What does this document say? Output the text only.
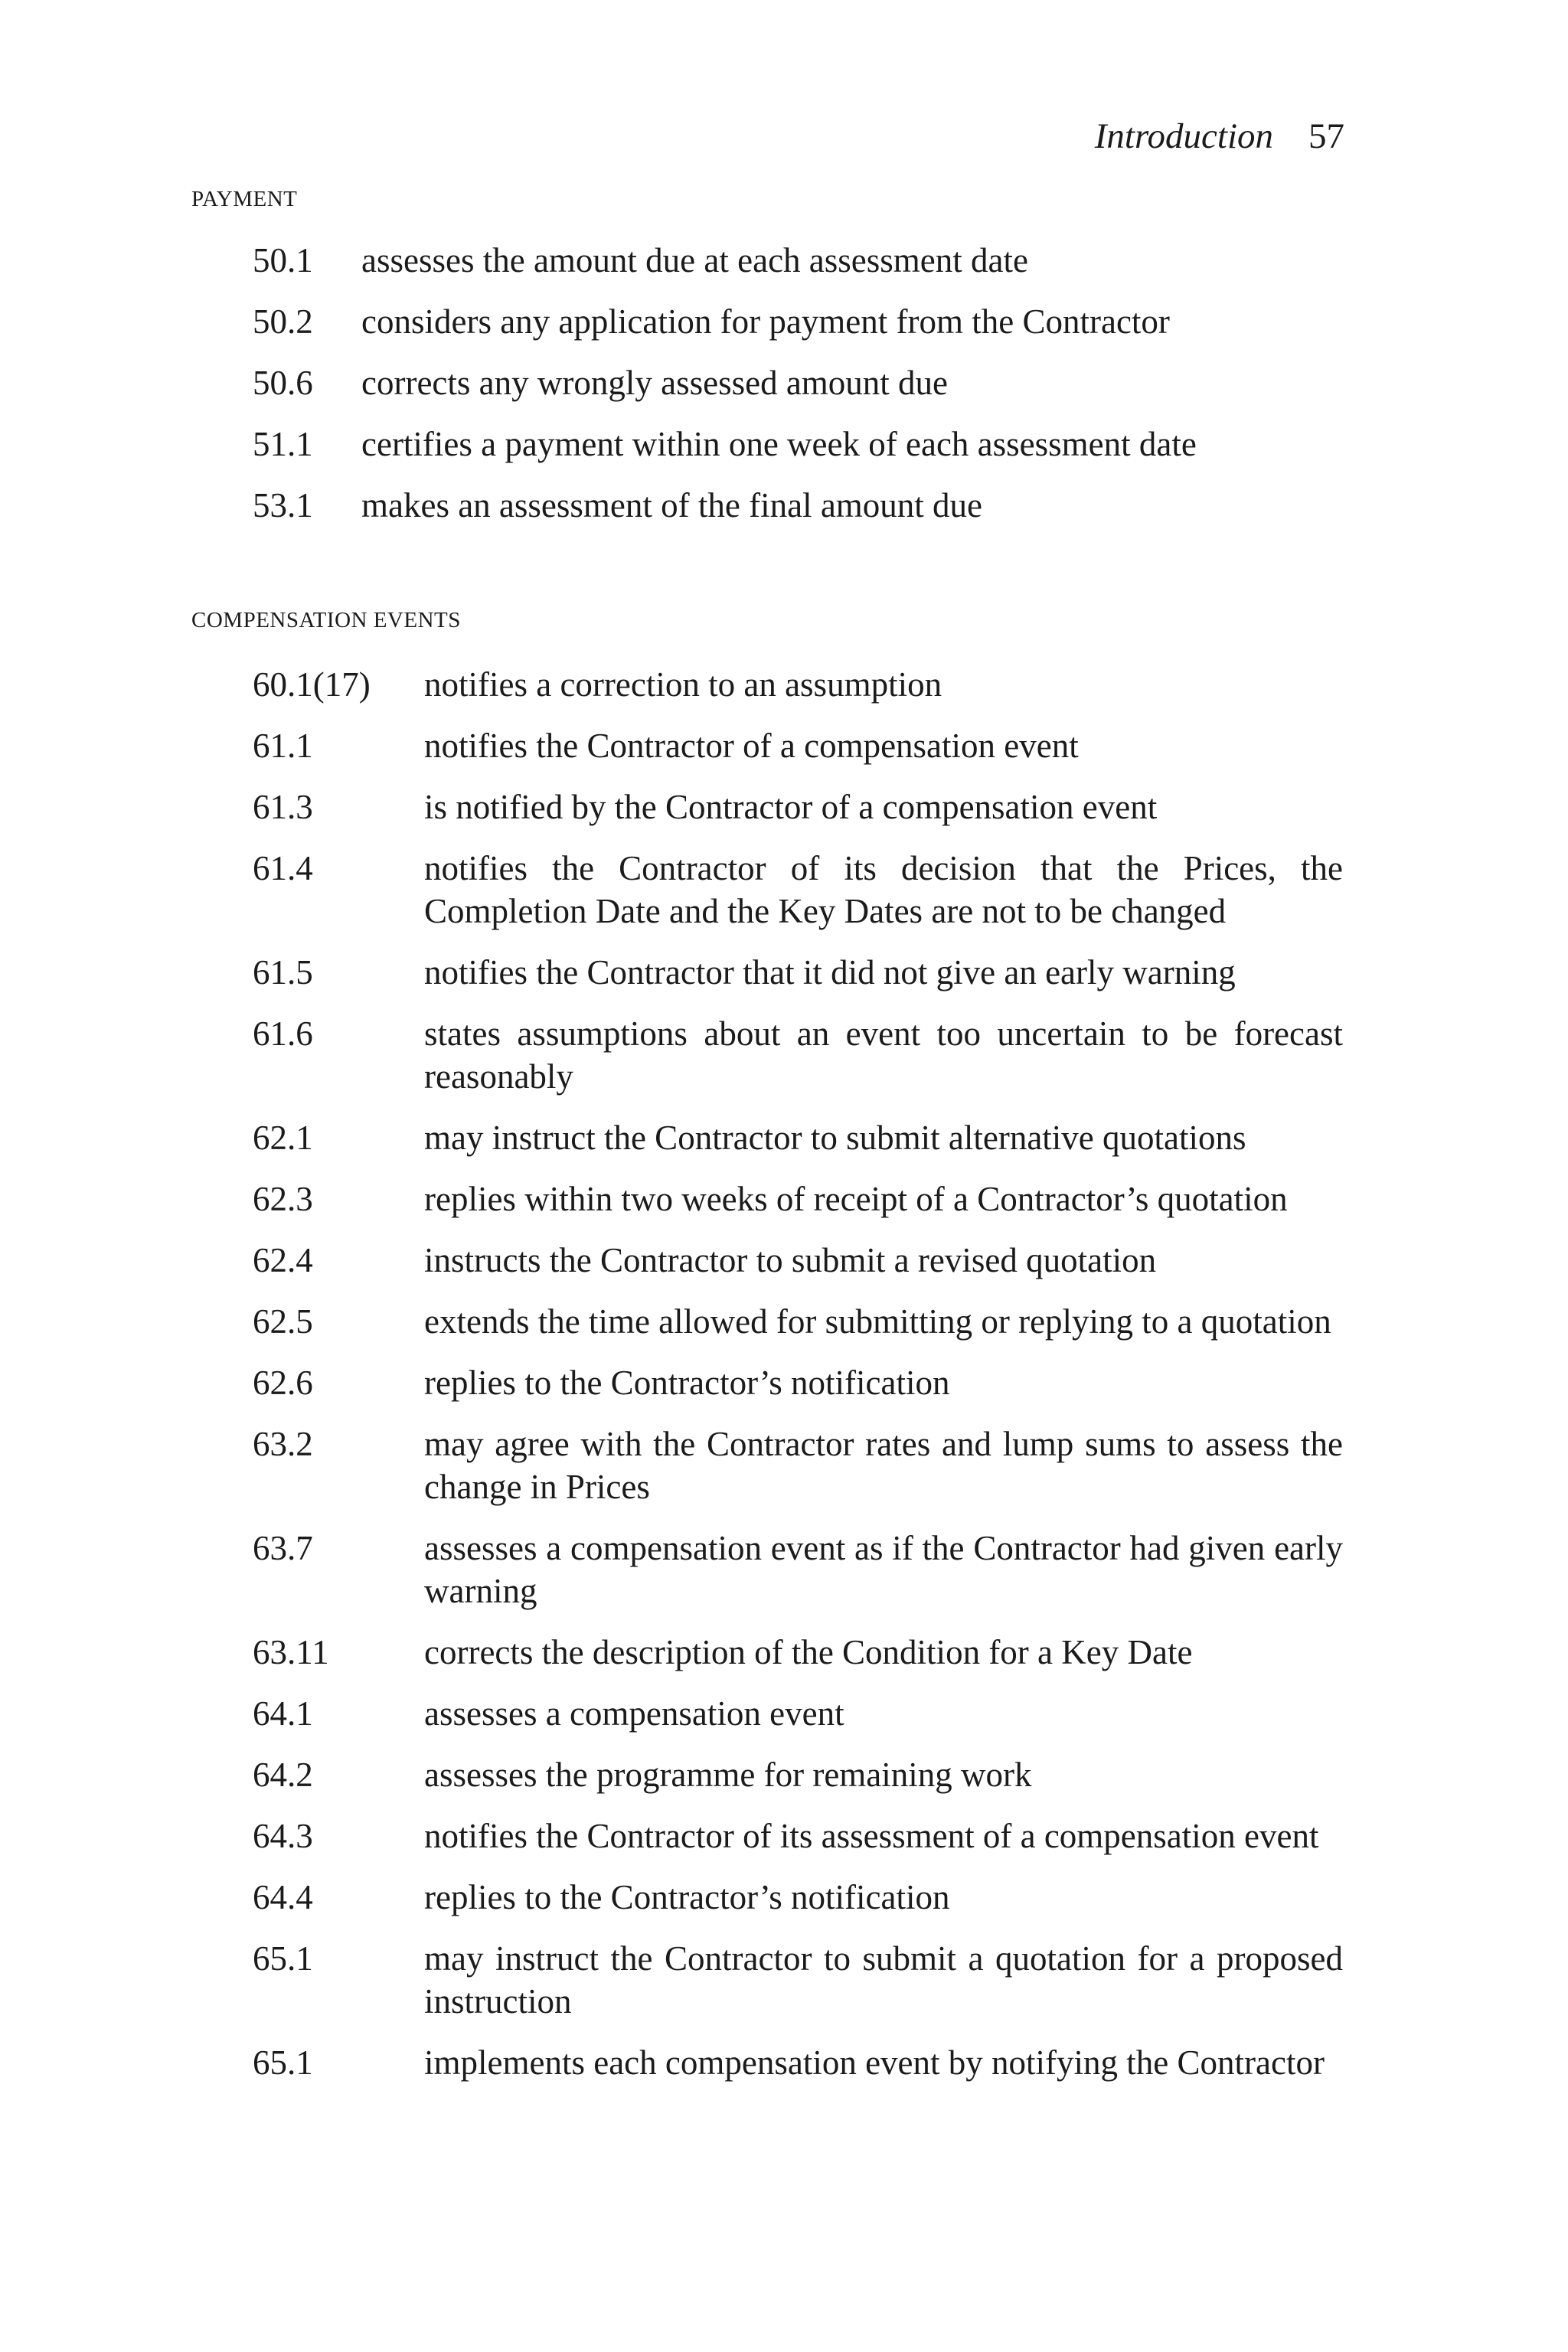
Introduction 57
PAYMENT
50.1 assesses the amount due at each assessment date
50.2 considers any application for payment from the Contractor
50.6 corrects any wrongly assessed amount due
51.1 certifies a payment within one week of each assessment date
53.1 makes an assessment of the final amount due
COMPENSATION EVENTS
60.1(17) notifies a correction to an assumption
61.1	notifies the Contractor of a compensation event
61.3	is notified by the Contractor of a compensation event
61.4	notifies the Contractor of its decision that the Prices, the Completion Date and the Key Dates are not to be changed
61.5	notifies the Contractor that it did not give an early warning
61.6	states assumptions about an event too uncertain to be forecast reasonably
62.1	may instruct the Contractor to submit alternative quotations
62.3	replies within two weeks of receipt of a Contractor’s quotation
62.4	instructs the Contractor to submit a revised quotation
62.5	extends the time allowed for submitting or replying to a quotation
62.6	replies to the Contractor’s notification
63.2	may agree with the Contractor rates and lump sums to assess the change in Prices
63.7	assesses a compensation event as if the Contractor had given early warning
63.11	corrects the description of the Condition for a Key Date
64.1	assesses a compensation event
64.2	assesses the programme for remaining work
64.3	notifies the Contractor of its assessment of a compensation event
64.4	replies to the Contractor’s notification
65.1	may instruct the Contractor to submit a quotation for a proposed instruction
65.1	implements each compensation event by notifying the Contractor
